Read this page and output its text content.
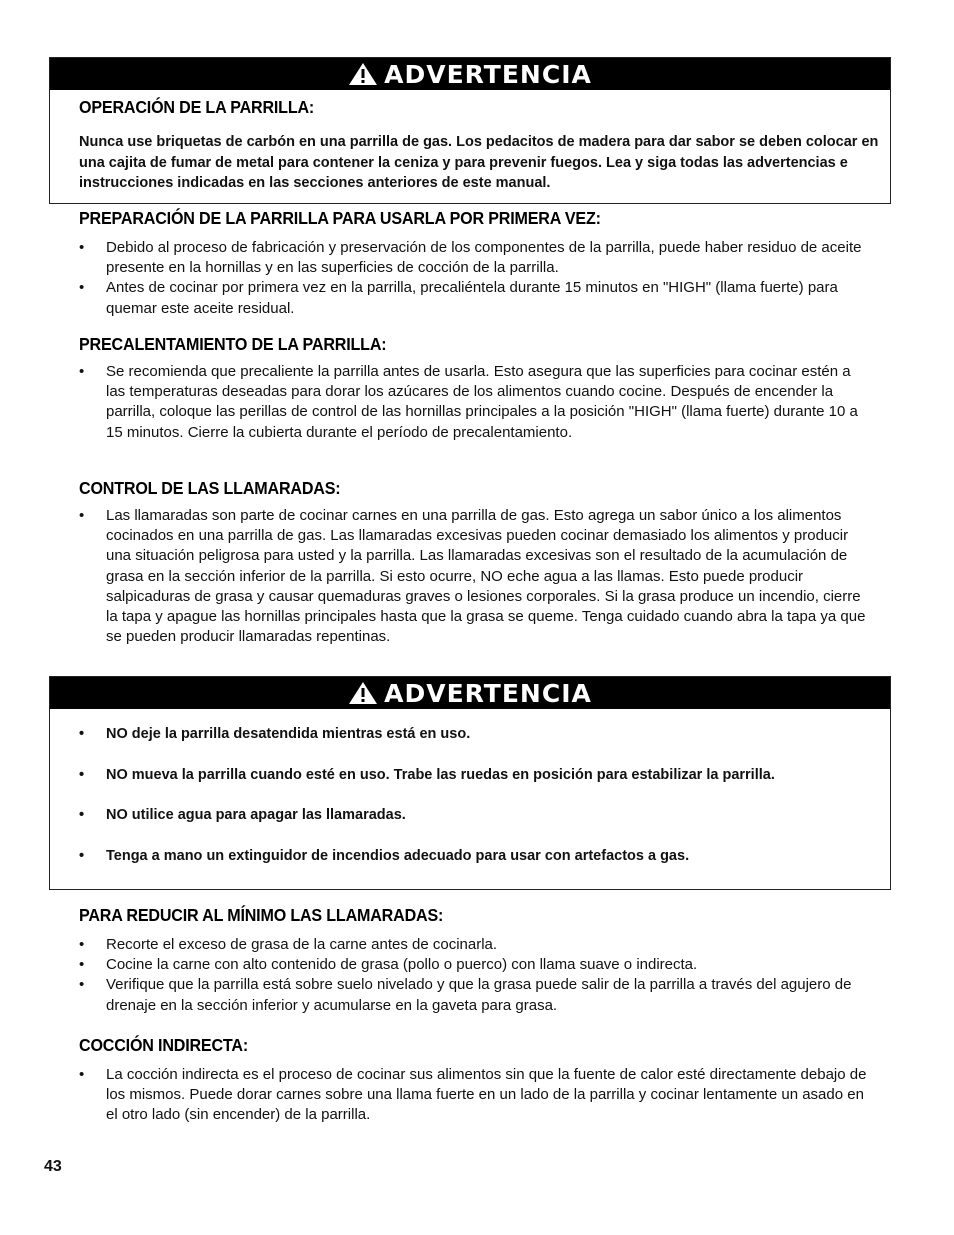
ADVERTENCIA
OPERACIÓN DE LA PARRILLA:

Nunca use briquetas de carbón en una parrilla de gas. Los pedacitos de madera para dar sabor se deben colocar en una cajita de fumar de metal para contener la ceniza y para prevenir fuegos. Lea y siga todas las advertencias e instrucciones indicadas en las secciones anteriores de este manual.

PREPARACIÓN DE LA PARRILLA PARA USARLA POR PRIMERA VEZ:
• Debido al proceso de fabricación y preservación de los componentes de la parrilla, puede haber residuo de aceite presente en la hornillas y en las superficies de cocción de la parrilla.
• Antes de cocinar por primera vez en la parrilla, precaliéntela durante 15 minutos en "HIGH" (llama fuerte) para quemar este aceite residual.
PRECALENTAMIENTO DE LA PARRILLA:
• Se recomienda que precaliente la parrilla antes de usarla. Esto asegura que las superficies para cocinar estén a las temperaturas deseadas para dorar los azúcares de los alimentos cuando cocine. Después de encender la parrilla, coloque las perillas de control de las hornillas principales a la posición "HIGH" (llama fuerte) durante 10 a 15 minutos. Cierre la cubierta durante el período de precalentamiento.
CONTROL DE LAS LLAMARADAS:
• Las llamaradas son parte de cocinar carnes en una parrilla de gas. Esto agrega un sabor único a los alimentos cocinados en una parrilla de gas. Las llamaradas excesivas pueden cocinar demasiado los alimentos y producir una situación peligrosa para usted y la parrilla. Las llamaradas excesivas son el resultado de la acumulación de grasa en la sección inferior de la parrilla. Si esto ocurre, NO eche agua a las llamas. Esto puede producir salpicaduras de grasa y causar quemaduras graves o lesiones corporales. Si la grasa produce un incendio, cierre la tapa y apague las hornillas principales hasta que la grasa se queme. Tenga cuidado cuando abra la tapa ya que se pueden producir llamaradas repentinas.
ADVERTENCIA
• NO deje la parrilla desatendida mientras está en uso.
• NO mueva la parrilla cuando esté en uso. Trabe las ruedas en posición para estabilizar la parrilla.
• NO utilice agua para apagar las llamaradas.
• Tenga a mano un extinguidor de incendios adecuado para usar con artefactos a gas.
PARA REDUCIR AL MÍNIMO LAS LLAMARADAS:
• Recorte el exceso de grasa de la carne antes de cocinarla.
• Cocine la carne con alto contenido de grasa (pollo o puerco) con llama suave o indirecta.
• Verifique que la parrilla está sobre suelo nivelado y que la grasa puede salir de la parrilla a través del agujero de drenaje en la sección inferior y acumularse en la gaveta para grasa.
COCCIÓN INDIRECTA:
• La cocción indirecta es el proceso de cocinar sus alimentos sin que la fuente de calor esté directamente debajo de los mismos. Puede dorar carnes sobre una llama fuerte en un lado de la parrilla y cocinar lentamente un asado en el otro lado (sin encender) de la parrilla.
43
